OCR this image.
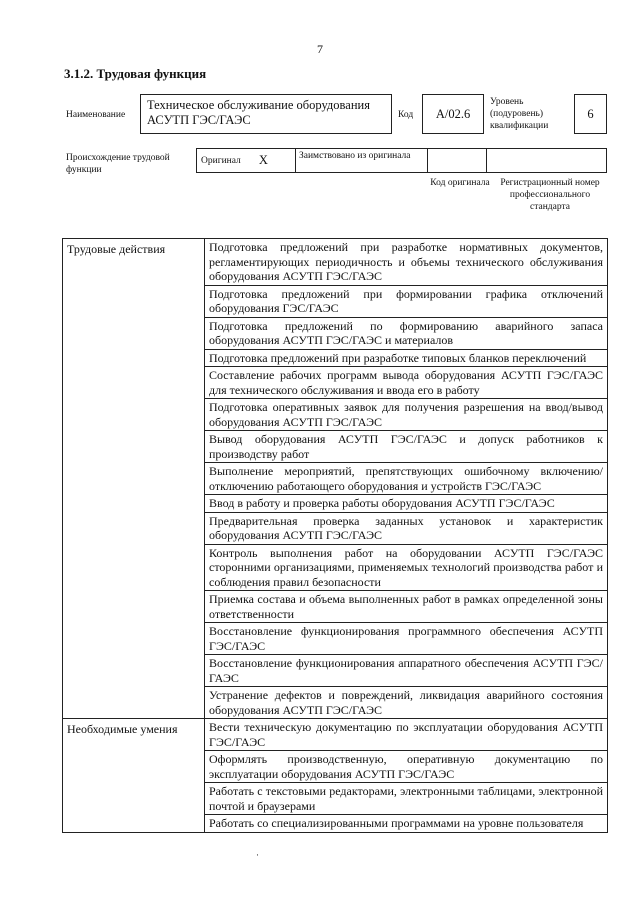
7
3.1.2. Трудовая функция
Наименование
Техническое обслуживание оборудования АСУТП ГЭС/ГАЭС	Код	А/02.6
Уровень (подуровень) квалификации
6
Происхождение трудовой функции
Оригинал X	Заимствовано из оригинала
Код оригинала Регистрационный номер профессионального стандарта
Трудовые действия	Подготовка предложений при разработке нормативных документов, регламентирующих периодичность и объемы технического обслуживания оборудования АСУТП ГЭС/ГАЭС
	Подготовка предложений при формировании графика отключений оборудования ГЭС/ГАЭС
	Подготовка предложений по формированию аварийного запаса оборудования АСУТП ГЭС/ГАЭС и материалов
	Подготовка предложений при разработке типовых бланков переключений
	Составление рабочих программ вывода оборудования АСУТП ГЭС/ГАЭС для технического обслуживания и ввода его в работу
	Подготовка оперативных заявок для получения разрешения на ввод/вывод оборудования АСУТП ГЭС/ГАЭС
	Вывод оборудования АСУТП ГЭС/ГАЭС и допуск работников к производству работ
	Выполнение мероприятий, препятствующих ошибочному включению/отключению работающего оборудования и устройств ГЭС/ГАЭС
	Ввод в работу и проверка работы оборудования АСУТП ГЭС/ГАЭС
	Предварительная проверка заданных установок и характеристик оборудования АСУТП ГЭС/ГАЭС
	Контроль выполнения работ на оборудовании АСУТП ГЭС/ГАЭС сторонними организациями, применяемых технологий производства работ и соблюдения правил безопасности
	Приемка состава и объема выполненных работ в рамках определенной зоны ответственности
	Восстановление функционирования программного обеспечения АСУТП ГЭС/ГАЭС
	Восстановление функционирования аппаратного обеспечения АСУТП ГЭС/ГАЭС
	Устранение дефектов и повреждений, ликвидация аварийного состояния оборудования АСУТП ГЭС/ГАЭС
Необходимые умения	Вести техническую документацию по эксплуатации оборудования АСУТП ГЭС/ГАЭС
	Оформлять производственную, оперативную документацию по эксплуатации оборудования АСУТП ГЭС/ГАЭС
	Работать с текстовыми редакторами, электронными таблицами, электронной почтой и браузерами
	Работать со специализированными программами на уровне пользователя
·
